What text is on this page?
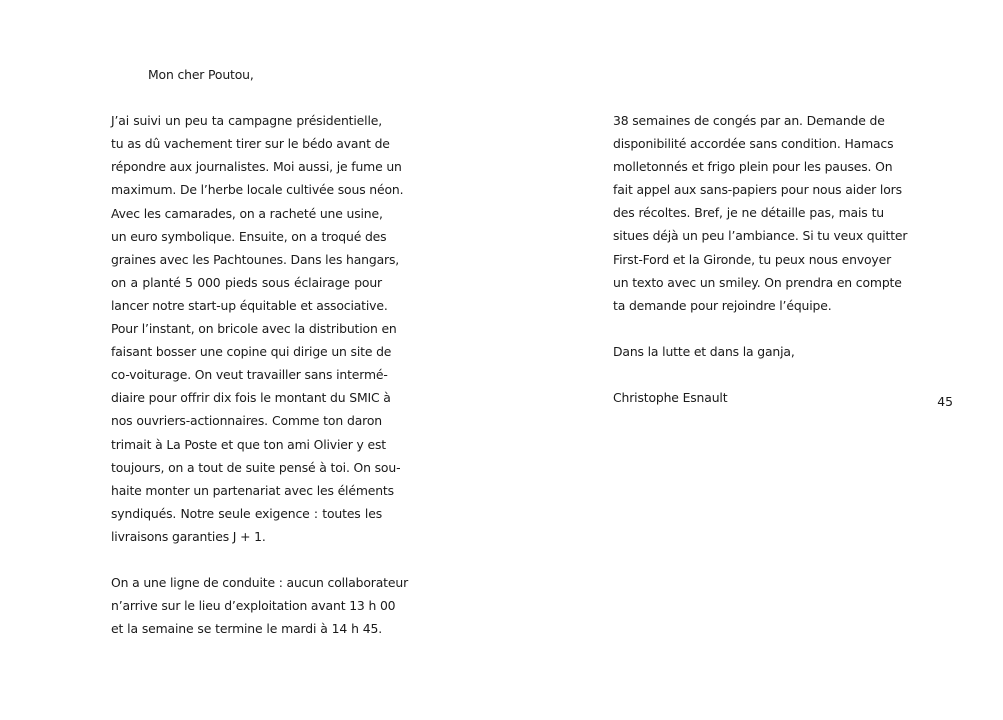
Mon cher Poutou,
J’ai suivi un peu ta campagne présidentielle,
tu as dû vachement tirer sur le bédo avant de
répondre aux journalistes. Moi aussi, je fume un
maximum. De l’herbe locale cultivée sous néon.
Avec les camarades, on a racheté une usine,
un euro symbolique. Ensuite, on a troqué des
graines avec les Pachtounes. Dans les hangars,
on a planté 5 000 pieds sous éclairage pour
lancer notre start-up équitable et associative.
Pour l’instant, on bricole avec la distribution en
faisant bosser une copine qui dirige un site de
co-voiturage. On veut travailler sans intermé-
diaire pour offrir dix fois le montant du SMIC à
nos ouvriers-actionnaires. Comme ton daron
trimait à La Poste et que ton ami Olivier y est
toujours, on a tout de suite pensé à toi. On sou-
haite monter un partenariat avec les éléments
syndiqués. Notre seule exigence : toutes les
livraisons garanties J + 1.
On a une ligne de conduite : aucun collaborateur
n’arrive sur le lieu d’exploitation avant 13 h 00
et la semaine se termine le mardi à 14 h 45.
38 semaines de congés par an. Demande de
disponibilité accordée sans condition. Hamacs
molletonnés et frigo plein pour les pauses. On
fait appel aux sans-papiers pour nous aider lors
des récoltes. Bref, je ne détaille pas, mais tu
situes déjà un peu l’ambiance. Si tu veux quitter
First-Ford et la Gironde, tu peux nous envoyer
un texto avec un smiley. On prendra en compte
ta demande pour rejoindre l’équipe.
Dans la lutte et dans la ganja,
Christophe Esnault	45
